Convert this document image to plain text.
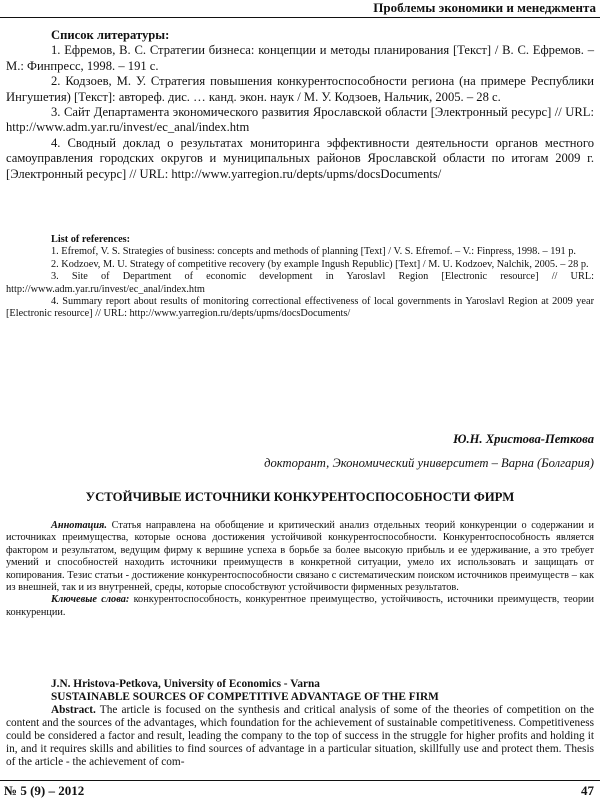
Проблемы экономики и менеджмента
Список литературы:
1. Ефремов, В. С. Стратегии бизнеса: концепции и методы планирования [Текст] / В. С. Ефремов. – М.: Финпресс, 1998. – 191 с.
2. Кодзоев, М. У. Стратегия повышения конкурентоспособности региона (на примере Республики Ингушетия) [Текст]: автореф. дис. … канд. экон. наук / М. У. Кодзоев, Нальчик, 2005. – 28 с.
3. Сайт Департамента экономического развития Ярославской области [Электронный ресурс] // URL: http://www.adm.yar.ru/invest/ec_anal/index.htm
4. Сводный доклад о результатах мониторинга эффективности деятельности органов местного самоуправления городских округов и муниципальных районов Ярославской области по итогам 2009 г. [Электронный ресурс] // URL: http://www.yarregion.ru/depts/upms/docsDocuments/
List of references:
1. Efremof, V. S. Strategies of business: concepts and methods of planning [Text] / V. S. Efremof. – V.: Finpress, 1998. – 191 p.
2. Kodzoev, M. U. Strategy of competitive recovery (by example Ingush Republic) [Text] / M. U. Kodzoev, Nalchik, 2005. – 28 p.
3. Site of Department of economic development in Yaroslavl Region [Electronic resource] // URL: http://www.adm.yar.ru/invest/ec_anal/index.htm
4. Summary report about results of monitoring correctional effectiveness of local governments in Yaroslavl Region at 2009 year [Electronic resource] // URL: http://www.yarregion.ru/depts/upms/docsDocuments/
Ю.Н. Христова-Петкова
докторант, Экономический университет – Варна (Болгария)
УСТОЙЧИВЫЕ ИСТОЧНИКИ КОНКУРЕНТОСПОСОБНОСТИ ФИРМ

Аннотация. Статья направлена на обобщение и критический анализ отдельных теорий конкуренции о содержании и источниках преимущества, которые основа достижения устойчивой конкурентоспособности. Конкурентоспособность является фактором и результатом, ведущим фирму к вершине успеха в борьбе за более высокую прибыль и ее удерживание, а это требует умений и способностей находить источники преимуществ в конкретной ситуации, умело их использовать и защищать от копирования. Тезис статьи - достижение конкурентоспособности связано с систематическим поиском источников преимуществ – как из внешней, так и из внутренней, среды, которые способствуют устойчивости фирменных результатов.

Ключевые слова: конкурентоспособность, конкурентное преимущество, устойчивость, источники преимуществ, теории конкуренции.

J.N. Hristova-Petkova, University of Economics - Varna
SUSTAINABLE SOURCES OF COMPETITIVE ADVANTAGE OF THE FIRM

Abstract. The article is focused on the synthesis and critical analysis of some of the theories of competition on the content and the sources of the advantages, which foundation for the achievement of sustainable competitiveness. Competitiveness could be considered a factor and result, leading the company to the top of success in the struggle for higher profits and holding it in, and it requires skills and abilities to find sources of advantage in a particular situation, skillfully use and protect them. Thesis of the article - the achievement of com-

№ 5 (9) – 2012	47
